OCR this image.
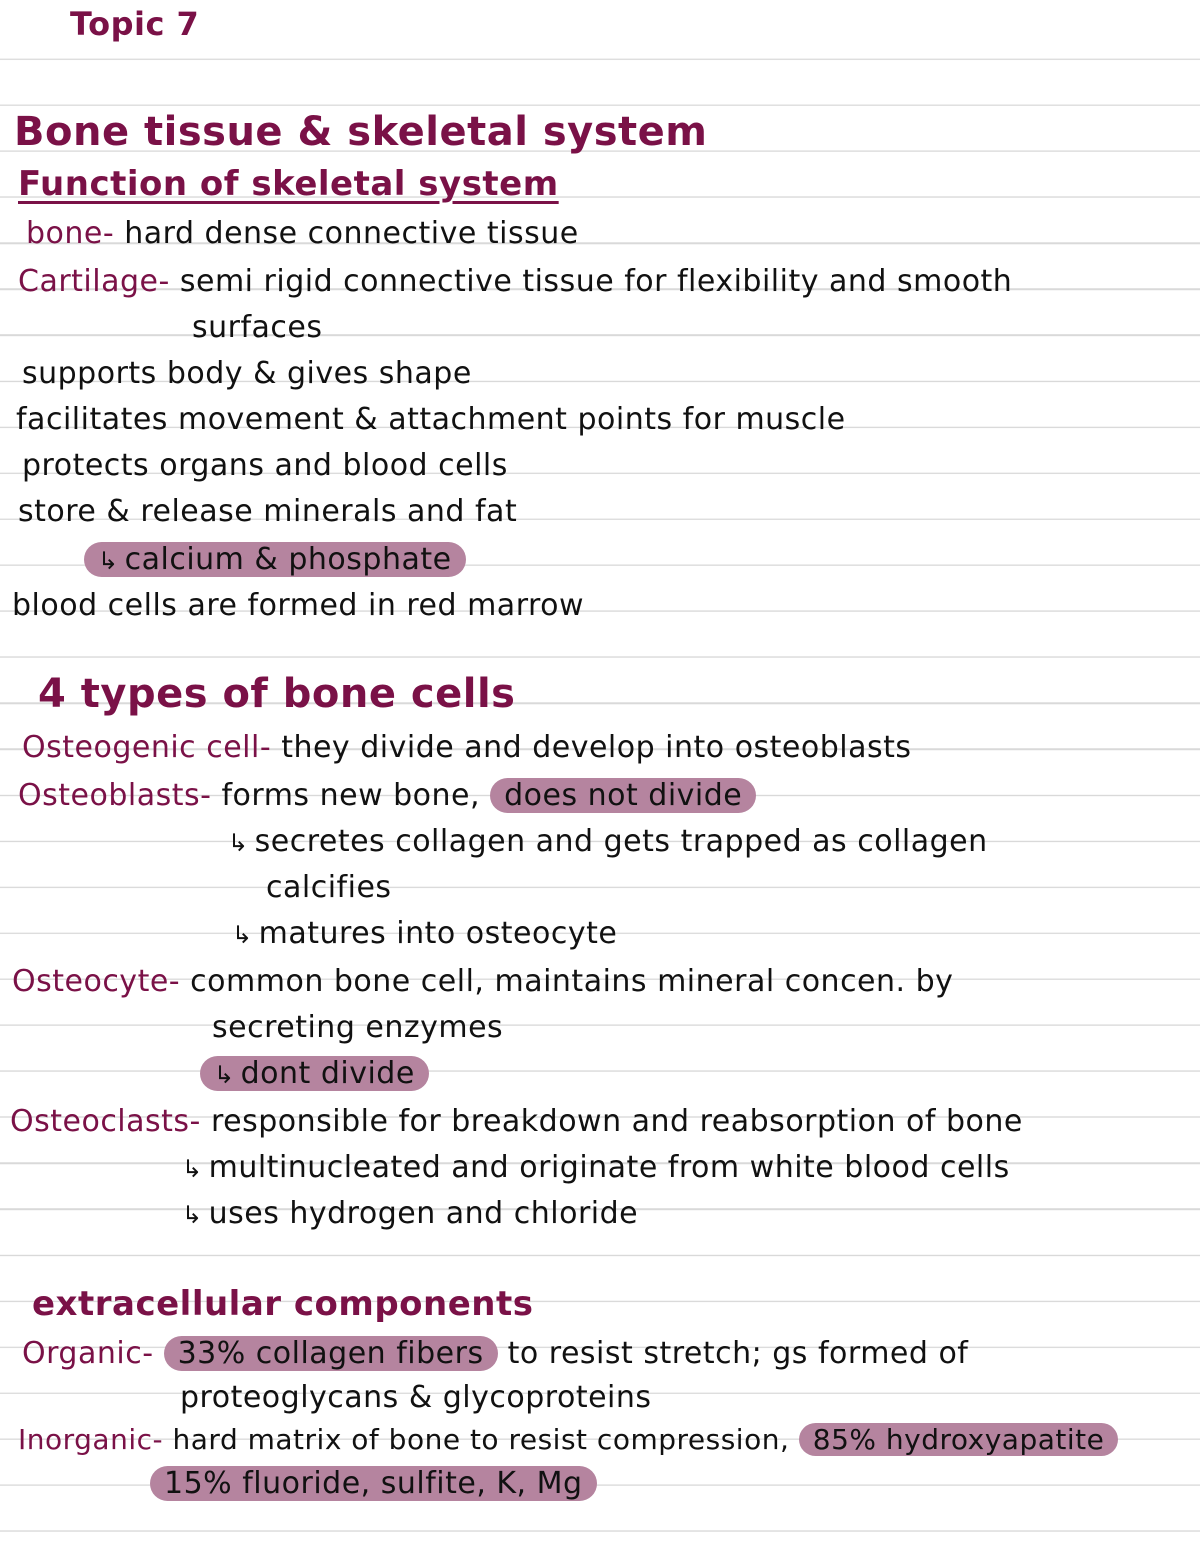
Topic 7
Bone tissue & skeletal system
Function of skeletal system
bone- hard dense connective tissue
Cartilage- semi rigid connective tissue for flexibility and smooth
surfaces
supports body & gives shape
facilitates movement & attachment points for muscle
protects organs and blood cells
store & release minerals and fat
↳ calcium & phosphate
blood cells are formed in red marrow
4 types of bone cells
Osteogenic cell- they divide and develop into osteoblasts
Osteoblasts- forms new bone, does not divide
↳ secretes collagen and gets trapped as collagen
calcifies
↳ matures into osteocyte
Osteocyte- common bone cell, maintains mineral concen. by
secreting enzymes
↳ dont divide
Osteoclasts- responsible for breakdown and reabsorption of bone
↳ multinucleated and originate from white blood cells
↳ uses hydrogen and chloride
extracellular components
Organic- 33% collagen fibers to resist stretch; gs formed of
proteoglycans & glycoproteins
Inorganic- hard matrix of bone to resist compression, 85% hydroxyapatite
15% fluoride, sulfite, K, Mg
